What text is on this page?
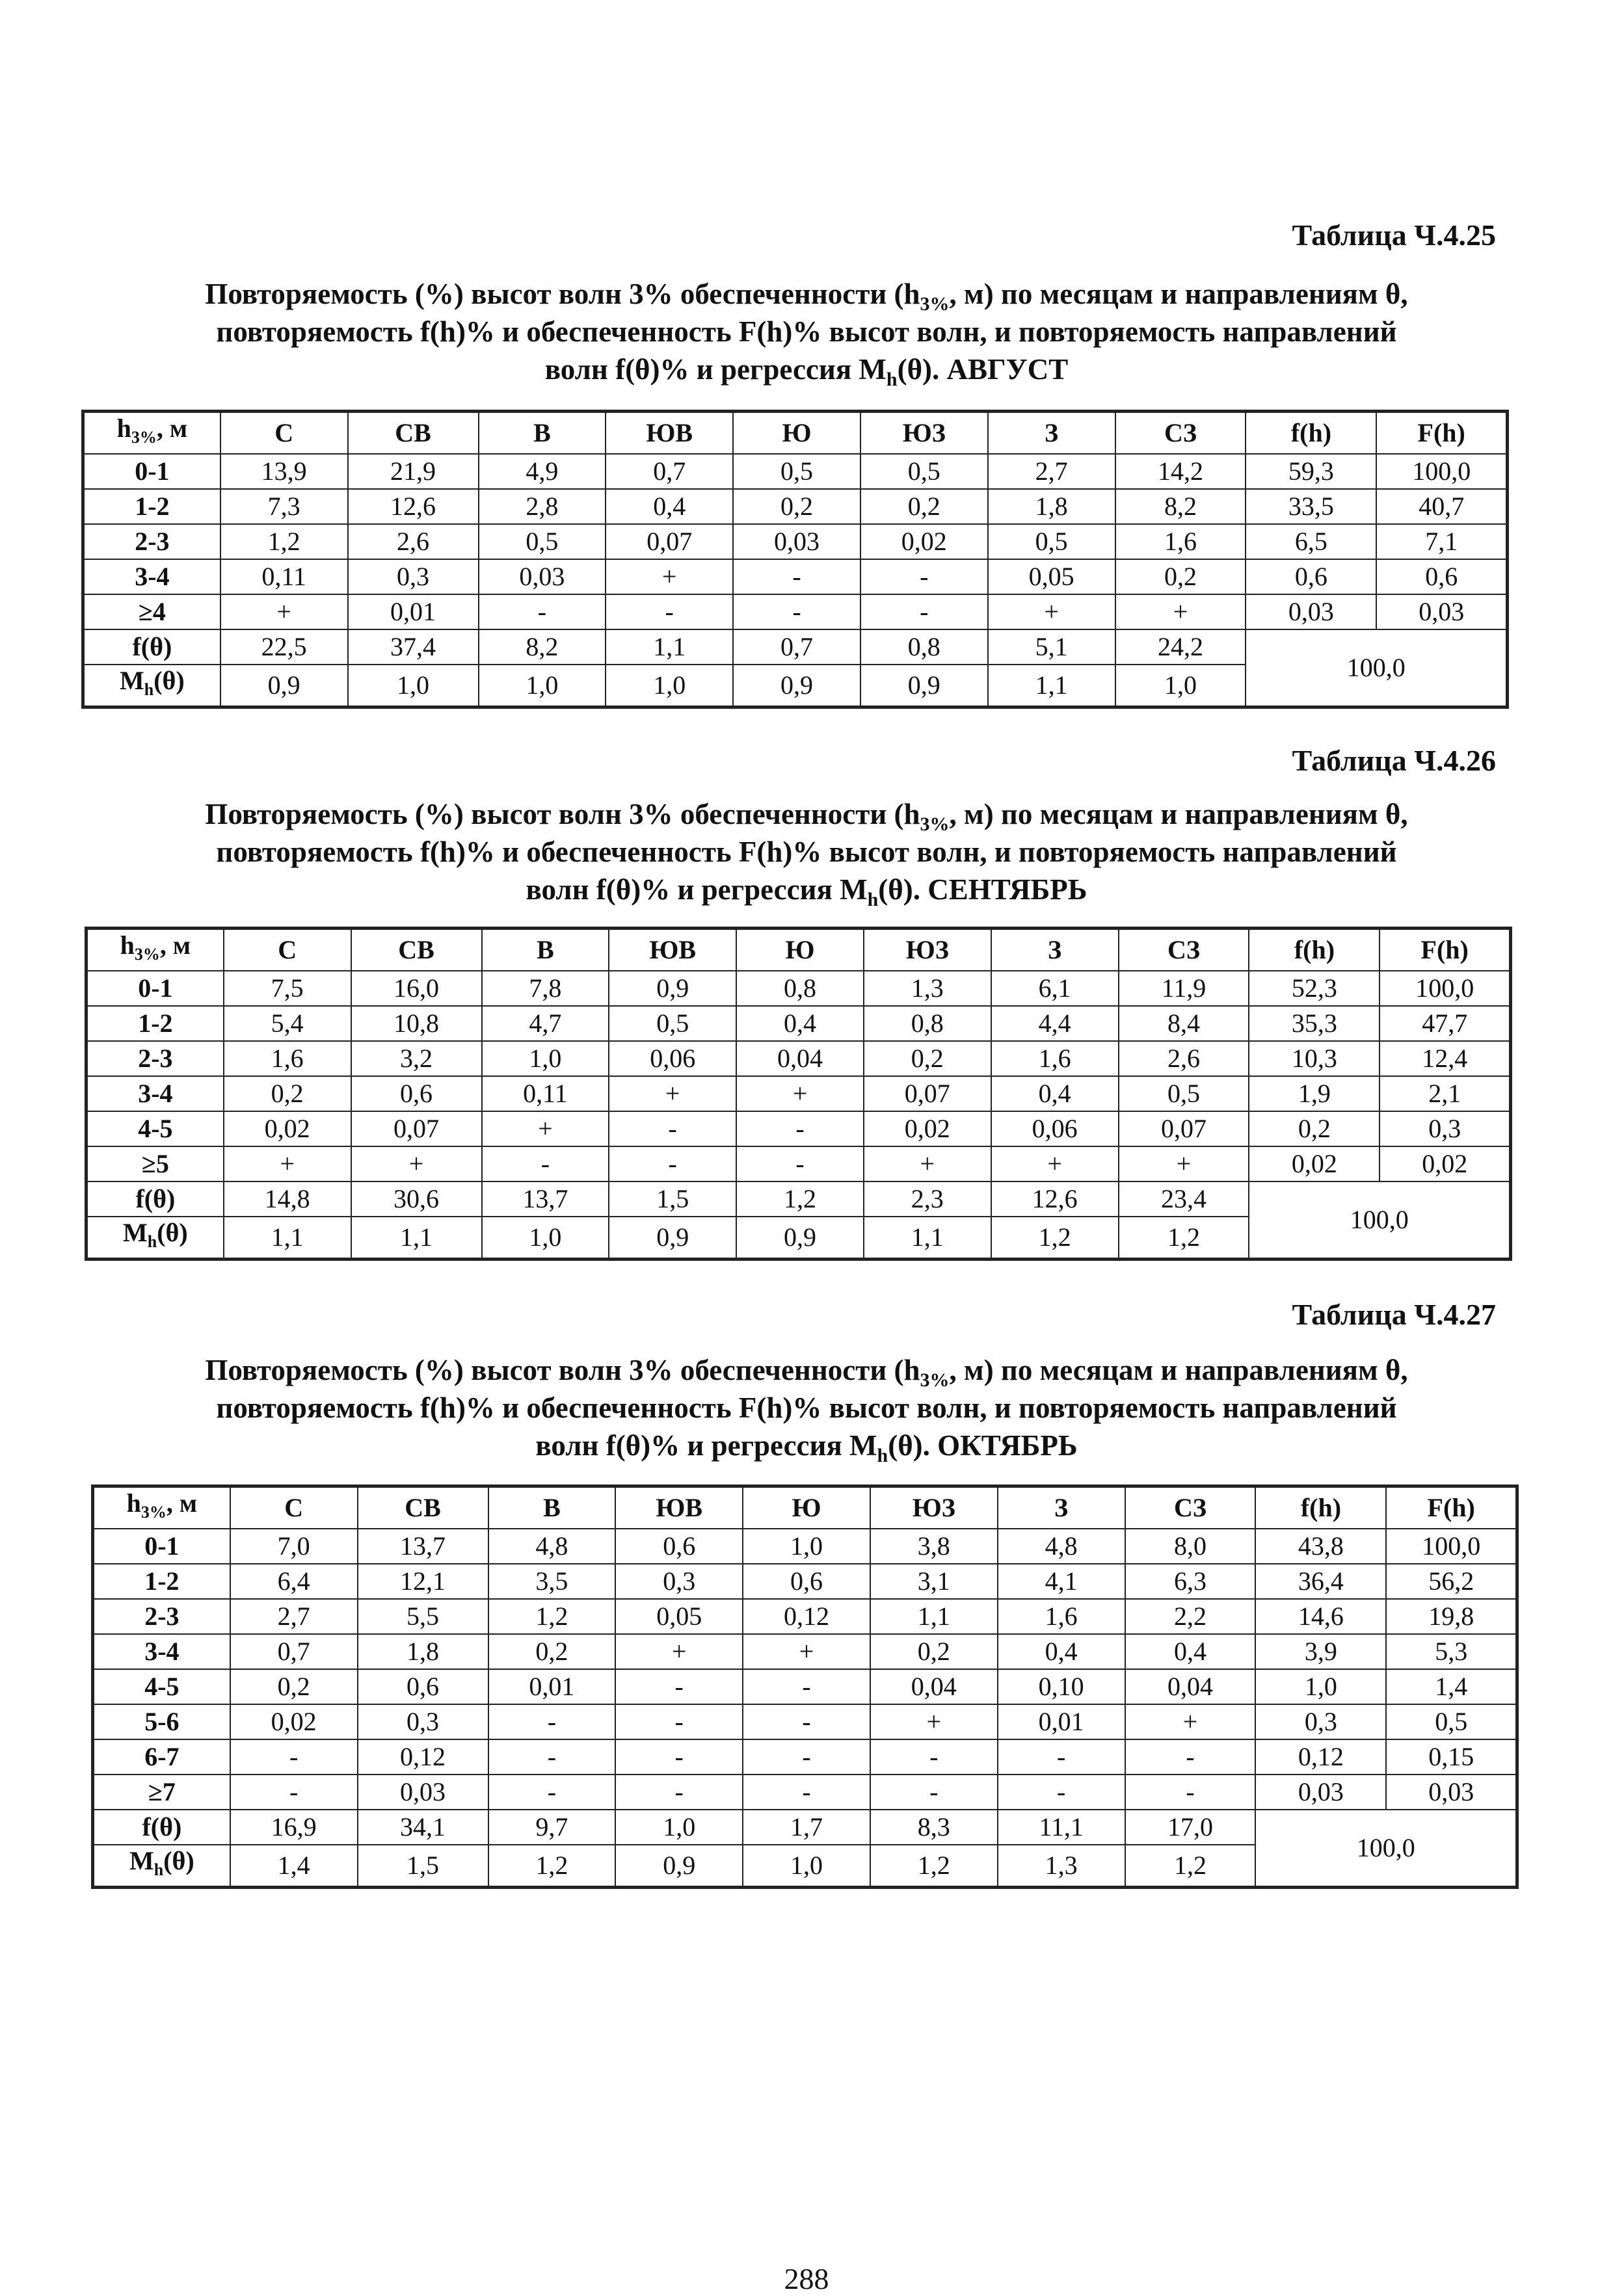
Таблица Ч.4.25
Повторяемость (%) высот волн 3% обеспеченности ($h_{3\%}$, м) по месяцам и направлениям θ,
повторяемость f(h)% и обеспеченность F(h)% высот волн, и повторяемость направлений
волн f(θ)% и регрессия $M_h(\theta)$. АВГУСТ
$h_{3\%}$, м	С	СВ	В	ЮВ	Ю	ЮЗ	З	СЗ	f(h)	F(h)
0-1	13,9	21,9	4,9	0,7	0,5	0,5	2,7	14,2	59,3	100,0
1-2	7,3	12,6	2,8	0,4	0,2	0,2	1,8	8,2	33,5	40,7
2-3	1,2	2,6	0,5	0,07	0,03	0,02	0,5	1,6	6,5	7,1
3-4	0,11	0,3	0,03	+	-	-	0,05	0,2	0,6	0,6
≥4	+	0,01	-	-	-	-	+	+	0,03	0,03
f(θ)	22,5	37,4	8,2	1,1	0,7	0,8	5,1	24,2	100,0	
$M_h(\theta)$	0,9	1,0	1,0	1,0	0,9	0,9	1,1	1,0		
Таблица Ч.4.26
Повторяемость (%) высот волн 3% обеспеченности ($h_{3\%}$, м) по месяцам и направлениям θ,
повторяемость f(h)% и обеспеченность F(h)% высот волн, и повторяемость направлений
волн f(θ)% и регрессия $M_h(\theta)$. СЕНТЯБРЬ
$h_{3\%}$, м	С	СВ	В	ЮВ	Ю	ЮЗ	З	СЗ	f(h)	F(h)
0-1	7,5	16,0	7,8	0,9	0,8	1,3	6,1	11,9	52,3	100,0
1-2	5,4	10,8	4,7	0,5	0,4	0,8	4,4	8,4	35,3	47,7
2-3	1,6	3,2	1,0	0,06	0,04	0,2	1,6	2,6	10,3	12,4
3-4	0,2	0,6	0,11	+	+	0,07	0,4	0,5	1,9	2,1
4-5	0,02	0,07	+	-	-	0,02	0,06	0,07	0,2	0,3
≥5	+	+	-	-	-	+	+	+	0,02	0,02
f(θ)	14,8	30,6	13,7	1,5	1,2	2,3	12,6	23,4	100,0	
$M_h(\theta)$	1,1	1,1	1,0	0,9	0,9	1,1	1,2	1,2		
Таблица Ч.4.27
Повторяемость (%) высот волн 3% обеспеченности ($h_{3\%}$, м) по месяцам и направлениям θ,
повторяемость f(h)% и обеспеченность F(h)% высот волн, и повторяемость направлений
волн f(θ)% и регрессия $M_h(\theta)$. ОКТЯБРЬ
$h_{3\%}$, м	С	СВ	В	ЮВ	Ю	ЮЗ	З	СЗ	f(h)	F(h)
0-1	7,0	13,7	4,8	0,6	1,0	3,8	4,8	8,0	43,8	100,0
1-2	6,4	12,1	3,5	0,3	0,6	3,1	4,1	6,3	36,4	56,2
2-3	2,7	5,5	1,2	0,05	0,12	1,1	1,6	2,2	14,6	19,8
3-4	0,7	1,8	0,2	+	+	0,2	0,4	0,4	3,9	5,3
4-5	0,2	0,6	0,01	-	-	0,04	0,10	0,04	1,0	1,4
5-6	0,02	0,3	-	-	-	+	0,01	+	0,3	0,5
6-7	-	0,12	-	-	-	-	-	-	0,12	0,15
≥7	-	0,03	-	-	-	-	-	-	0,03	0,03
f(θ)	16,9	34,1	9,7	1,0	1,7	8,3	11,1	17,0	100,0	
$M_h(\theta)$	1,4	1,5	1,2	0,9	1,0	1,2	1,3	1,2		
288
